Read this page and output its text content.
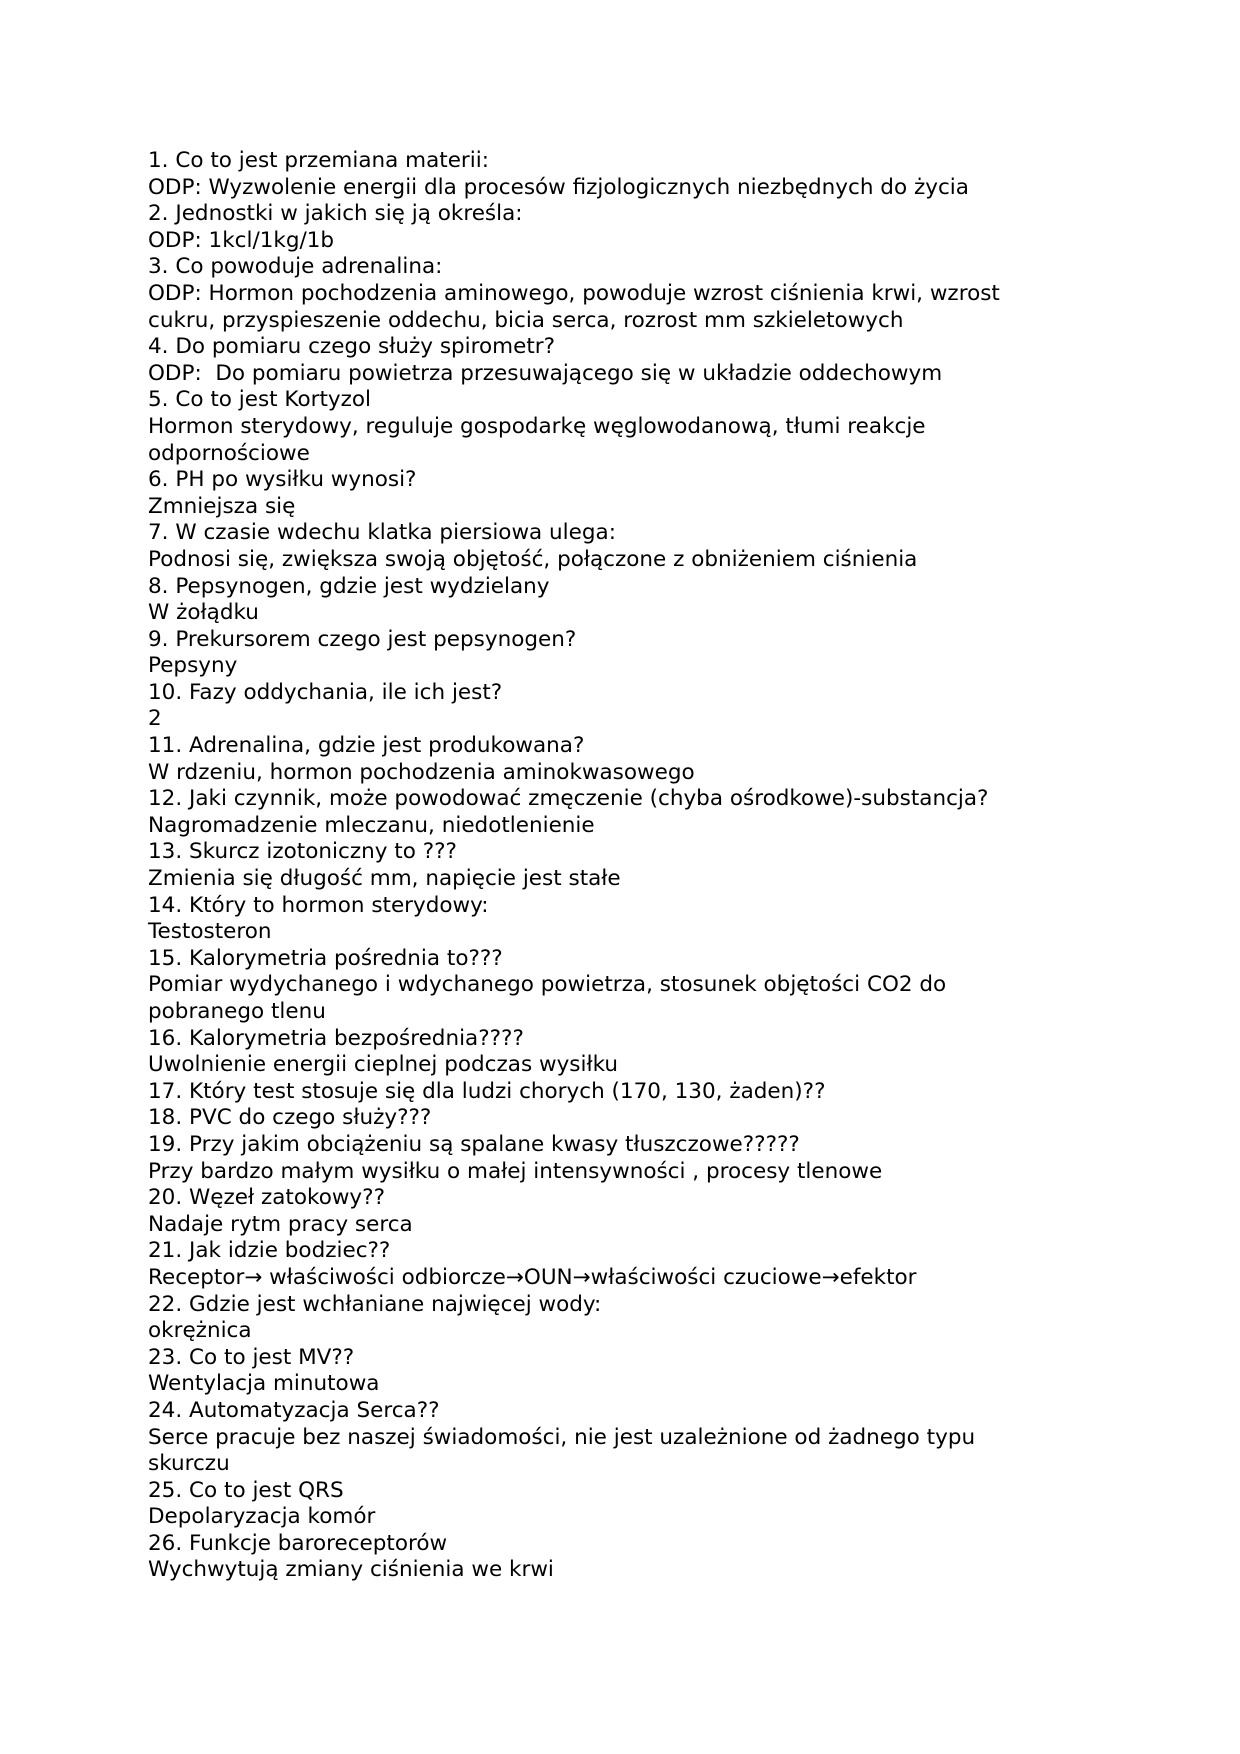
1. Co to jest przemiana materii:

ODP: Wyzwolenie energii dla procesów fizjologicznych niezbędnych do życia

2. Jednostki w jakich się ją określa:

ODP: 1kcl/1kg/1b

3. Co powoduje adrenalina:

ODP: Hormon pochodzenia aminowego, powoduje wzrost ciśnienia krwi, wzrost

cukru, przyspieszenie oddechu, bicia serca, rozrost mm szkieletowych

4. Do pomiaru czego służy spirometr?

ODP:  Do pomiaru powietrza przesuwającego się w układzie oddechowym

5. Co to jest Kortyzol

Hormon sterydowy, reguluje gospodarkę węglowodanową, tłumi reakcje

odpornościowe

6. PH po wysiłku wynosi?

Zmniejsza się

7. W czasie wdechu klatka piersiowa ulega:

Podnosi się, zwiększa swoją objętość, połączone z obniżeniem ciśnienia

8. Pepsynogen, gdzie jest wydzielany

W żołądku

9. Prekursorem czego jest pepsynogen?

Pepsyny

10. Fazy oddychania, ile ich jest?

2

11. Adrenalina, gdzie jest produkowana?

W rdzeniu, hormon pochodzenia aminokwasowego

12. Jaki czynnik, może powodować zmęczenie (chyba ośrodkowe)-substancja?

Nagromadzenie mleczanu, niedotlenienie

13. Skurcz izotoniczny to ???

Zmienia się długość mm, napięcie jest stałe

14. Który to hormon sterydowy:

Testosteron

15. Kalorymetria pośrednia to???

Pomiar wydychanego i wdychanego powietrza, stosunek objętości CO2 do

pobranego tlenu

16. Kalorymetria bezpośrednia????

Uwolnienie energii cieplnej podczas wysiłku

17. Który test stosuje się dla ludzi chorych (170, 130, żaden)??

18. PVC do czego służy???

19. Przy jakim obciążeniu są spalane kwasy tłuszczowe?????

Przy bardzo małym wysiłku o małej intensywności , procesy tlenowe

20. Węzeł zatokowy??

Nadaje rytm pracy serca

21. Jak idzie bodziec??

Receptor→ właściwości odbiorcze→OUN→właściwości czuciowe→efektor

22. Gdzie jest wchłaniane najwięcej wody:

okrężnica

23. Co to jest MV??

Wentylacja minutowa

24. Automatyzacja Serca??

Serce pracuje bez naszej świadomości, nie jest uzależnione od żadnego typu

skurczu

25. Co to jest QRS

Depolaryzacja komór

26. Funkcje baroreceptorów

Wychwytują zmiany ciśnienia we krwi
